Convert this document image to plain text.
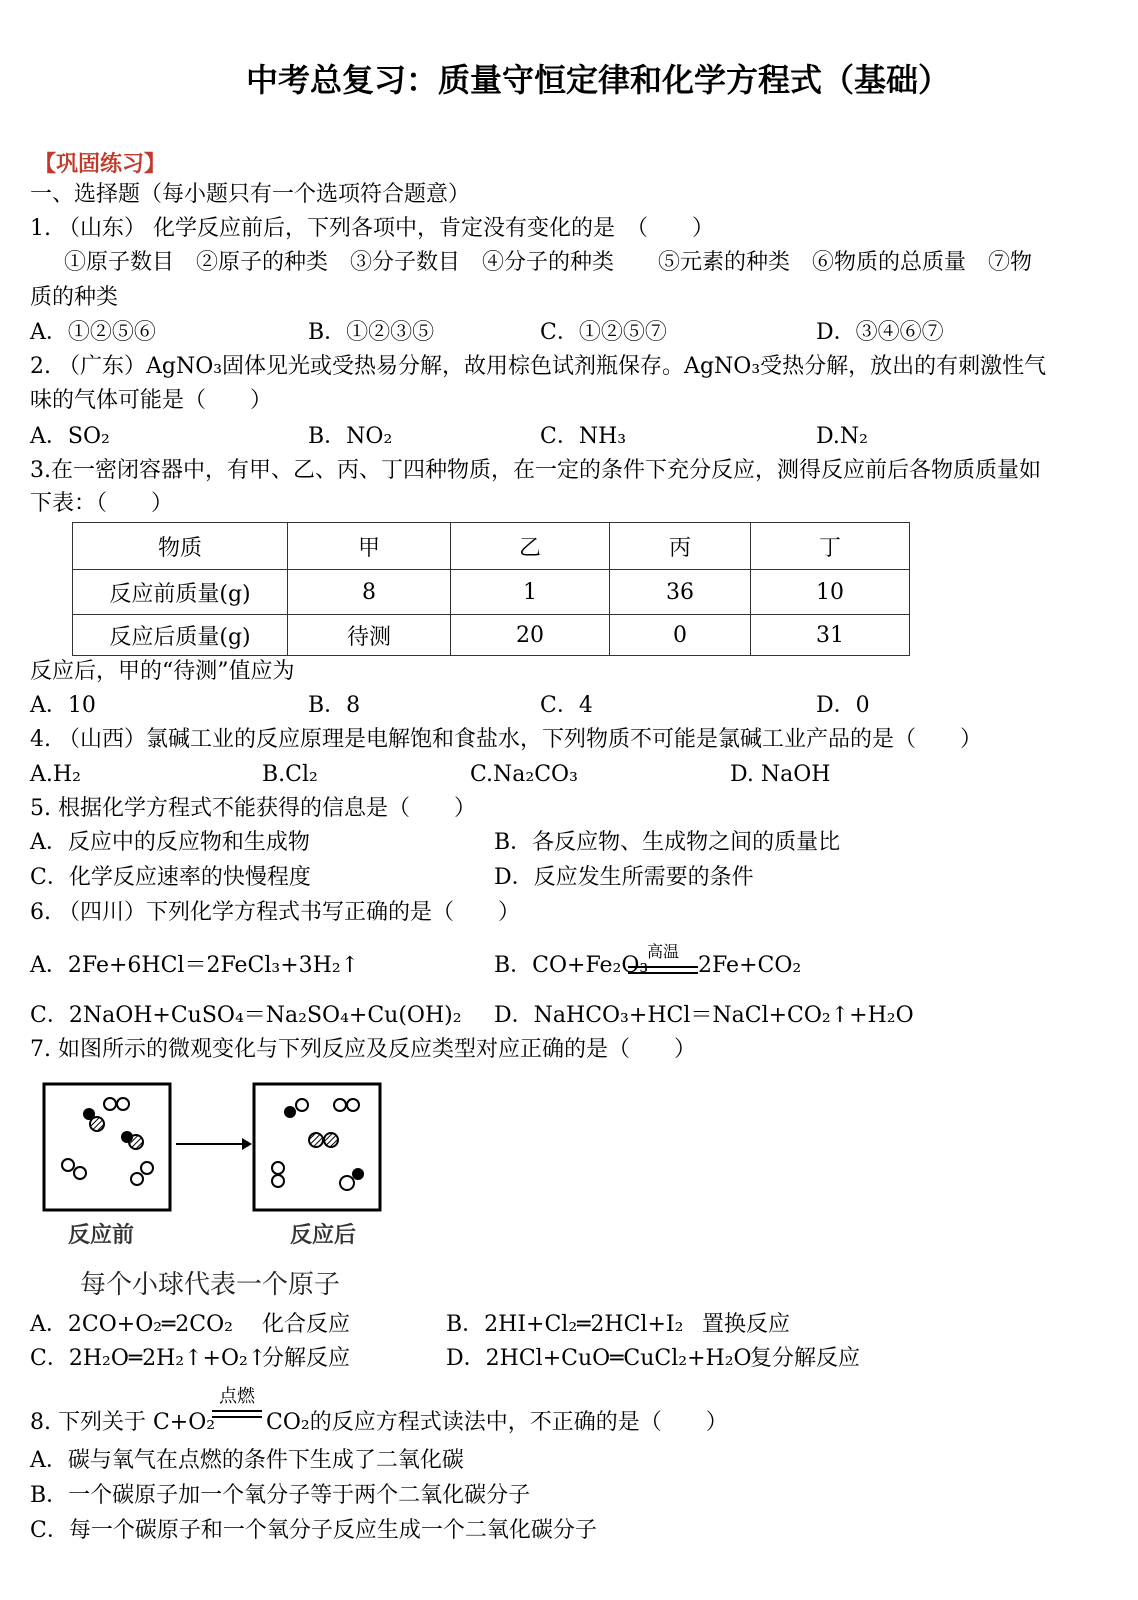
中考总复习：质量守恒定律和化学方程式（基础）
【巩固练习】
一、选择题（每小题只有一个选项符合题意）
1. （山东） 化学反应前后，下列各项中，肯定没有变化的是　（　　）
①原子数目　②原子的种类　③分子数目　④分子的种类　　⑤元素的种类　⑥物质的总质量　⑦物
质的种类
A．①②⑤⑥	B．①②③⑤	C．①②⑤⑦	D．③④⑥⑦
2. （广东）AgNO₃固体见光或受热易分解，故用棕色试剂瓶保存。AgNO₃受热分解，放出的有刺激性气
味的气体可能是（　　）
A．SO₂	B．NO₂	C．NH₃	D.N₂
3.在一密闭容器中，有甲、乙、丙、丁四种物质，在一定的条件下充分反应，测得反应前后各物质质量如
下表：（　　）
物质	甲	乙	丙	丁
反应前质量(g)	8	1	36	10
反应后质量(g)	待测	20	0	31
反应后，甲的“待测”值应为
A．10	B．8	C．4	D．0
4. （山西）氯碱工业的反应原理是电解饱和食盐水，下列物质不可能是氯碱工业产品的是（　　）
A.H₂	B.Cl₂	C.Na₂CO₃	D. NaOH
5. 根据化学方程式不能获得的信息是（　　）
A．反应中的反应物和生成物	B．各反应物、生成物之间的质量比
C．化学反应速率的快慢程度	D．反应发生所需要的条件
6. （四川）下列化学方程式书写正确的是（　　）
A．2Fe+6HCl＝2FeCl₃+3H₂↑	B．CO+Fe₂O₃
高温
2Fe+CO₂
C．2NaOH+CuSO₄＝Na₂SO₄+Cu(OH)₂ D．NaHCO₃+HCl＝NaCl+CO₂↑+H₂O
7. 如图所示的微观变化与下列反应及反应类型对应正确的是（　　）
反应前	反应后
每个小球代表一个原子
A．2CO+O₂═2CO₂ 化合反应	B．2HI+Cl₂═2HCl+I₂ 置换反应
C．2H₂O═2H₂↑+O₂↑
分解反应	D．2HCl+CuO═CuCl₂+H₂O
复分解反应
8. 下列关于 C+O₂
点燃
CO₂的反应方程式读法中，不正确的是（　　）
A．碳与氧气在点燃的条件下生成了二氧化碳
B．一个碳原子加一个氧分子等于两个二氧化碳分子
C．每一个碳原子和一个氧分子反应生成一个二氧化碳分子
